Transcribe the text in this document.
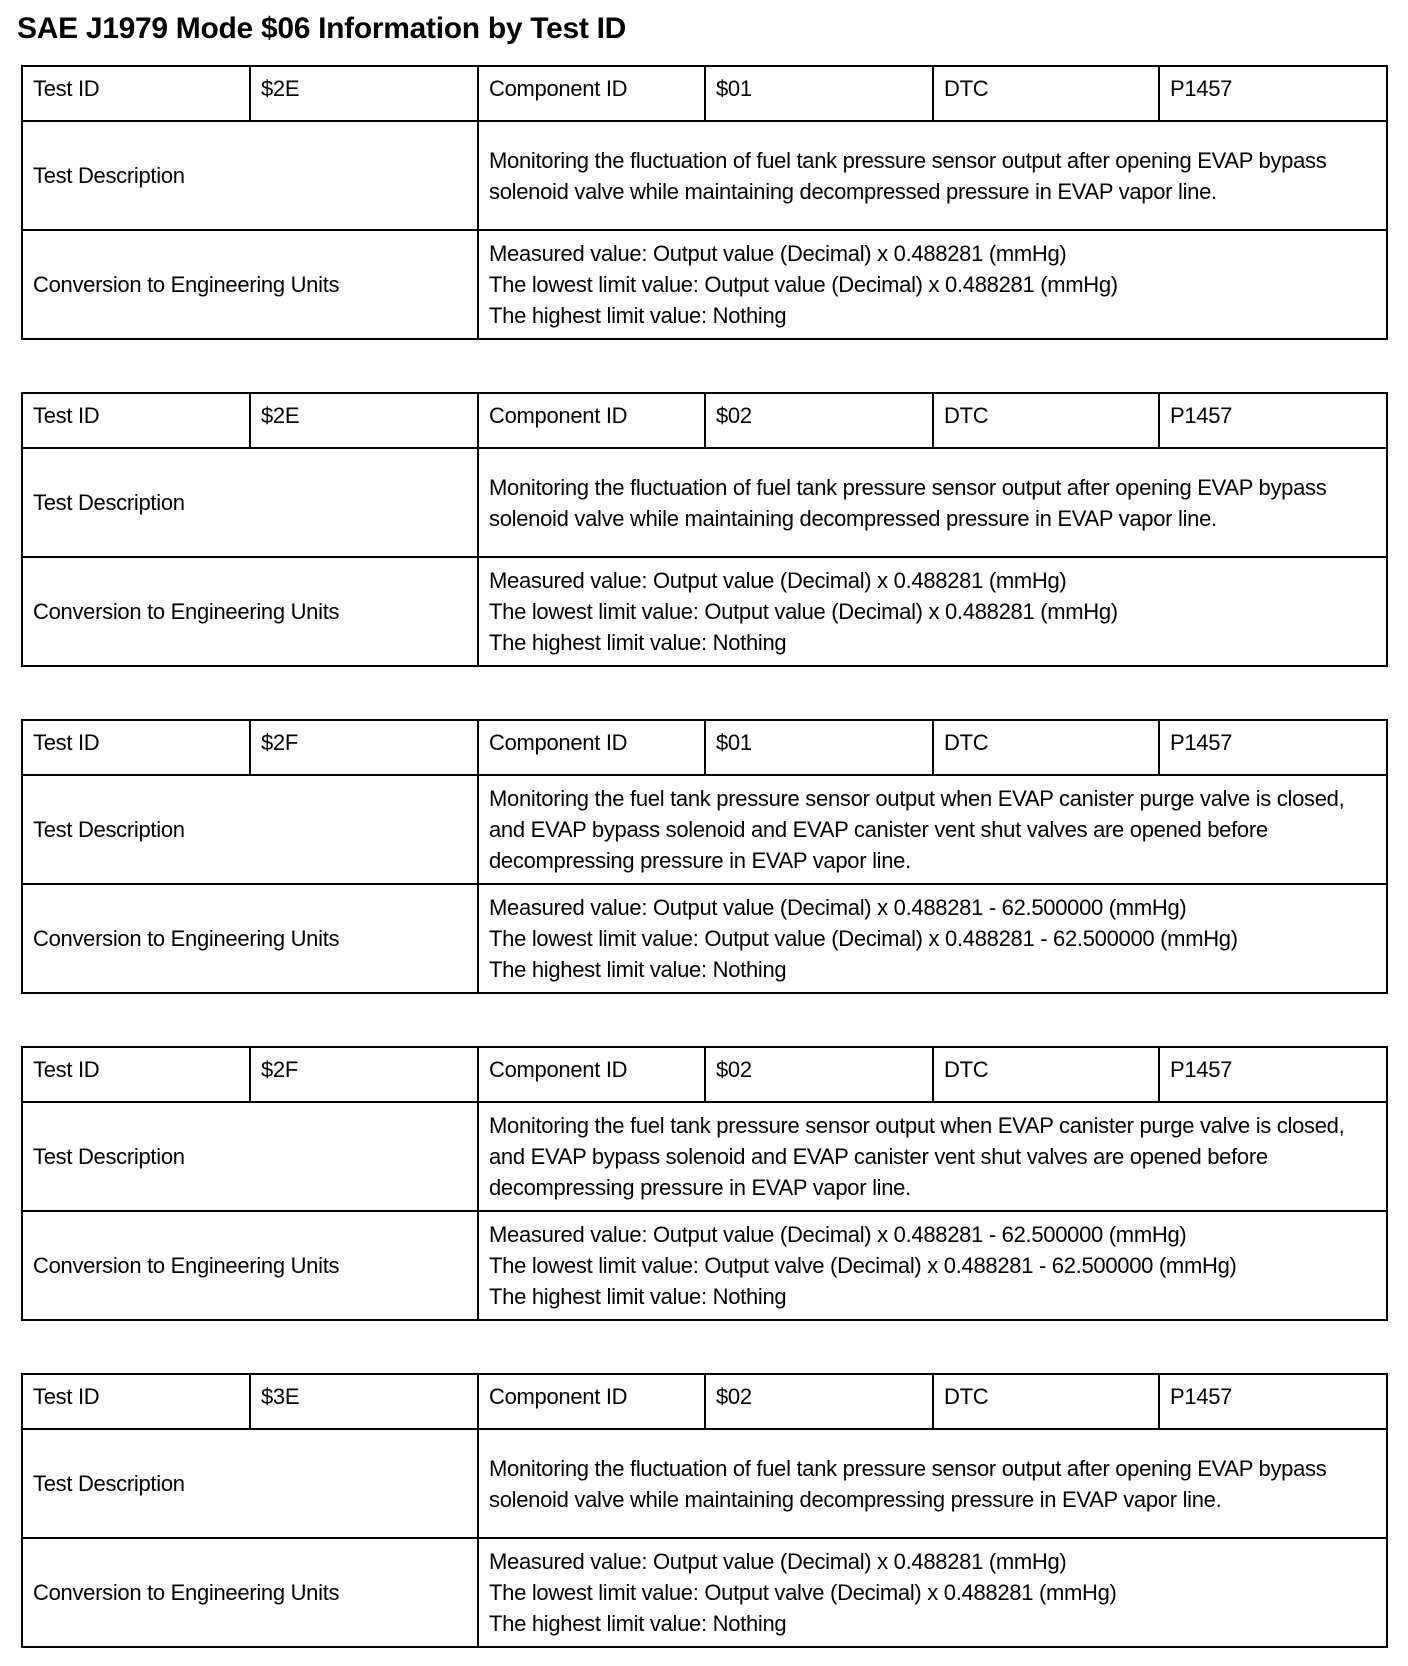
SAE J1979 Mode $06 Information by Test ID
Test ID	$2E	Component ID	$01	DTC	P1457
Test Description		Monitoring the fluctuation of fuel tank pressure sensor output after opening EVAP bypass solenoid valve while maintaining decompressed pressure in EVAP vapor line.			
Conversion to Engineering Units		Measured value: Output value (Decimal) x 0.488281 (mmHg)
The lowest limit value: Output value (Decimal) x 0.488281 (mmHg)
The highest limit value: Nothing			
Test ID	$2E	Component ID	$02	DTC	P1457
Test Description		Monitoring the fluctuation of fuel tank pressure sensor output after opening EVAP bypass solenoid valve while maintaining decompressed pressure in EVAP vapor line.			
Conversion to Engineering Units		Measured value: Output value (Decimal) x 0.488281 (mmHg)
The lowest limit value: Output value (Decimal) x 0.488281 (mmHg)
The highest limit value: Nothing			
Test ID	$2F	Component ID	$01	DTC	P1457
Test Description		Monitoring the fuel tank pressure sensor output when EVAP canister purge valve is closed, and EVAP bypass solenoid and EVAP canister vent shut valves are opened before decompressing pressure in EVAP vapor line.			
Conversion to Engineering Units		Measured value: Output value (Decimal) x 0.488281 - 62.500000 (mmHg)
The lowest limit value: Output value (Decimal) x 0.488281 - 62.500000 (mmHg)
The highest limit value: Nothing			
Test ID	$2F	Component ID	$02	DTC	P1457
Test Description		Monitoring the fuel tank pressure sensor output when EVAP canister purge valve is closed, and EVAP bypass solenoid and EVAP canister vent shut valves are opened before decompressing pressure in EVAP vapor line.			
Conversion to Engineering Units		Measured value: Output value (Decimal) x 0.488281 - 62.500000 (mmHg)
The lowest limit value: Output valve (Decimal) x 0.488281 - 62.500000 (mmHg)
The highest limit value: Nothing			
Test ID	$3E	Component ID	$02	DTC	P1457
Test Description		Monitoring the fluctuation of fuel tank pressure sensor output after opening EVAP bypass solenoid valve while maintaining decompressing pressure in EVAP vapor line.			
Conversion to Engineering Units		Measured value: Output value (Decimal) x 0.488281 (mmHg)
The lowest limit value: Output valve (Decimal) x 0.488281 (mmHg)
The highest limit value: Nothing			
